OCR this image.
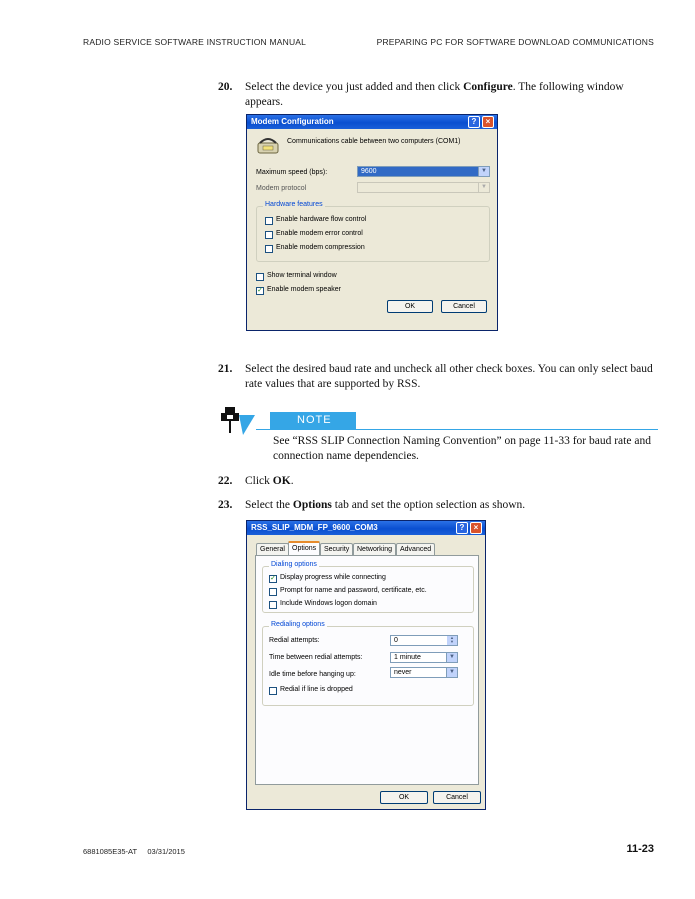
RADIO SERVICE SOFTWARE INSTRUCTION MANUAL	PREPARING PC FOR SOFTWARE DOWNLOAD COMMUNICATIONS
20. Select the device you just added and then click Configure. The following window appears.
Modem Configuration	?	×
Communications cable between two computers (COM1)
Maximum speed (bps):	9600	▼
Modem protocol	▼
Hardware features
Enable hardware flow control
Enable modem error control
Enable modem compression
Show terminal window
✓ Enable modem speaker
OK	Cancel
21. Select the desired baud rate and uncheck all other check boxes. You can only select baud rate values that are supported by RSS.
NOTE
See “RSS SLIP Connection Naming Convention” on page 11-33 for baud rate and connection name dependencies.
22. Click OK.
23. Select the Options tab and set the option selection as shown.
RSS_SLIP_MDM_FP_9600_COM3	?	×
General	Options	Security	Networking	Advanced
Dialing options
✓ Display progress while connecting
Prompt for name and password, certificate, etc.
Include Windows logon domain
Redialing options
Redial attempts:	0	▲
▼
Time between redial attempts:	1 minute	▼
Idle time before hanging up:	never	▼
Redial if line is dropped
OK	Cancel
6881085E35-AT     03/31/2015	11-23
